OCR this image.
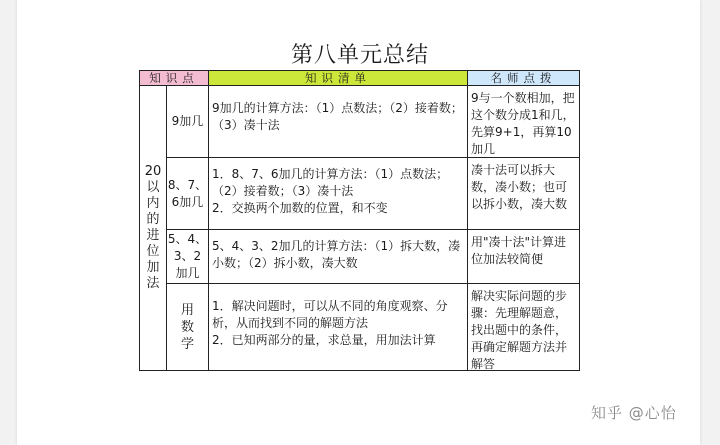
第八单元总结
知识点	知识清单	名师点拨
20
以
内
的
进
位
加
法
9加几
9加几的计算方法：（1）点数法；（2）接着数；（3）凑十法
9与一个数相加，把这个数分成1和几，先算9+1，再算10加几
8、7、
6加几
1．8、7、6加几的计算方法：（1）点数法；（2）接着数；（3）凑十法
2．交换两个加数的位置，和不变
凑十法可以拆大数，凑小数；也可以拆小数，凑大数
5、4、
3、2
加几
5、4、3、2加几的计算方法：（1）拆大数，凑小数；（2）拆小数，凑大数
用"凑十法"计算进位加法较简便
用
数
学
1．解决问题时，可以从不同的角度观察、分析，从而找到不同的解题方法
2．已知两部分的量，求总量，用加法计算
解决实际问题的步骤：先理解题意，找出题中的条件，再确定解题方法并解答
知乎 @心怡
